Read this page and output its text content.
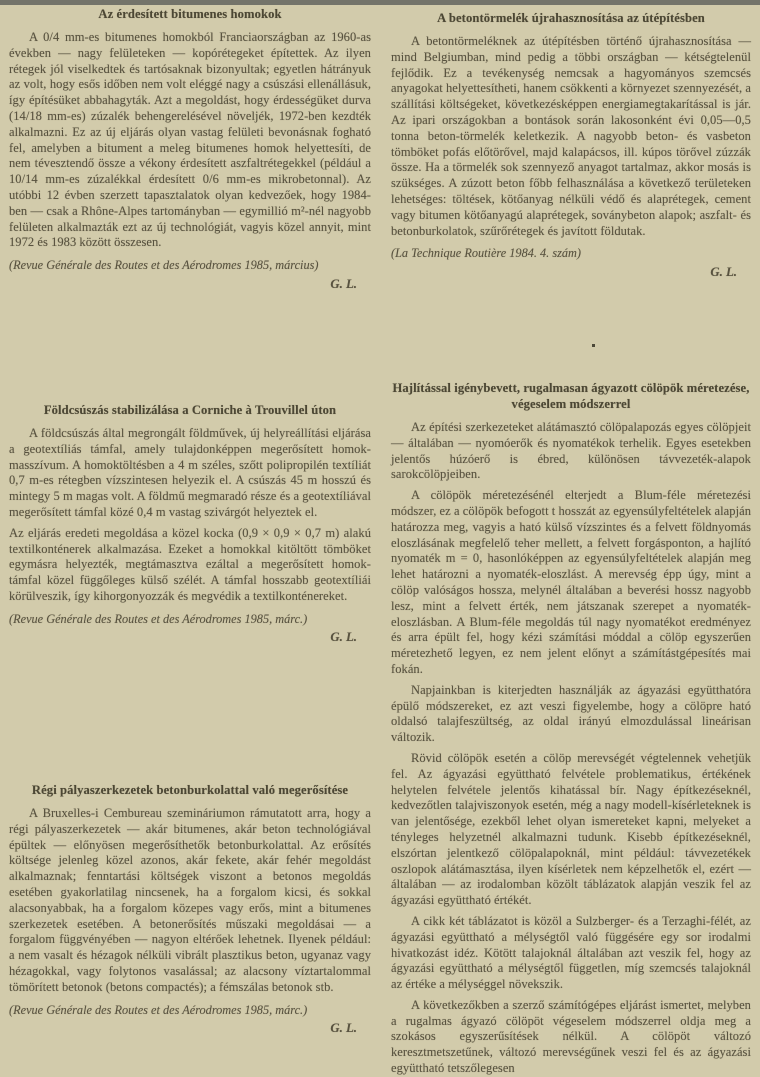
Az érdesített bitumenes homokok

A 0/4 mm-es bitumenes homokból Franciaországban az 1960-as években — nagy felületeken — kopórétegeket építettek. Az ilyen rétegek jól viselkedtek és tartósaknak bizonyultak; egyetlen hátrányuk az volt, hogy esős időben nem volt eléggé nagy a csúszási ellenállásuk, így építésüket abbahagyták. Azt a megoldást, hogy érdességüket durva (14/18 mm-es) zúzalék behengerelésével növeljék, 1972-ben kezdték alkalmazni. Ez az új eljárás olyan vastag felületi bevonásnak fogható fel, amelyben a bitument a meleg bitumenes homok helyettesíti, de nem tévesztendő össze a vékony érdesített aszfaltrétegekkel (például a 10/14 mm-es zúzalékkal érdesített 0/6 mm-es mikrobetonnal). Az utóbbi 12 évben szerzett tapasztalatok olyan kedvezőek, hogy 1984-ben — csak a Rhône-Alpes tartományban — egymillió m²-nél nagyobb felületen alkalmazták ezt az új technológiát, vagyis közel annyit, mint 1972 és 1983 között összesen.

(Revue Générale des Routes et des Aérodromes 1985, március)

G. L.

Földcsúszás stabilizálása a Corniche à Trouvillel úton

A földcsúszás által megrongált földművek, új helyreállítási eljárása a geotextíliás támfal, amely tulajdonképpen megerősített homok-masszívum. A homoktöltésben a 4 m széles, szőtt polipropilén textíliát 0,7 m-es rétegben vízszintesen helyezik el. A csúszás 45 m hosszú és mintegy 5 m magas volt. A földmű megmaradó része és a geotextíliával megerősített támfal közé 0,4 m vastag szivárgót helyeztek el.

Az eljárás eredeti megoldása a közel kocka (0,9 × 0,9 × 0,7 m) alakú textilkonténerek alkalmazása. Ezeket a homokkal kitöltött tömböket egymásra helyezték, megtámasztva ezáltal a megerősített homok-támfal közel függőleges külső szélét. A támfal hosszabb geotextíliái körülveszik, így kihorgonyozzák és megvédik a textilkonténereket.

(Revue Générale des Routes et des Aérodromes 1985, márc.)

G. L.

Régi pályaszerkezetek betonburkolattal való megerősítése

A Bruxelles-i Cembureau szemináriumon rámutatott arra, hogy a régi pályaszerkezetek — akár bitumenes, akár beton technológiával épültek — előnyösen megerősíthetők betonburkolattal. Az erősítés költsége jelenleg közel azonos, akár fekete, akár fehér megoldást alkalmaznak; fenntartási költségek viszont a betonos megoldás esetében gyakorlatilag nincsenek, ha a forgalom kicsi, és sokkal alacsonyabbak, ha a forgalom közepes vagy erős, mint a bitumenes szerkezetek esetében. A betonerősítés műszaki megoldásai — a forgalom függvényében — nagyon eltérőek lehetnek. Ilyenek például: a nem vasalt és hézagok nélküli vibrált plasztikus beton, ugyanaz vagy hézagokkal, vagy folytonos vasalással; az alacsony víztartalommal tömörített betonok (betons compactés); a fémszálas betonok stb.

(Revue Générale des Routes et des Aérodromes 1985, márc.)

G. L.

A betontörmelék újrahasznosítása az útépítésben

A betontörmeléknek az útépítésben történő újrahasznosítása — mind Belgiumban, mind pedig a többi országban — kétségtelenül fejlődik. Ez a tevékenység nemcsak a hagyományos szemcsés anyagokat helyettesítheti, hanem csökkenti a környezet szennyezését, a szállítási költségeket, következésképpen energiamegtakarítással is jár. Az ipari országokban a bontások során lakosonként évi 0,05—0,5 tonna beton-törmelék keletkezik. A nagyobb beton- és vasbeton tömböket pofás előtörővel, majd kalapácsos, ill. kúpos törővel zúzzák össze. Ha a törmelék sok szennyező anyagot tartalmaz, akkor mosás is szükséges. A zúzott beton főbb felhasználása a következő területeken lehetséges: töltések, kötőanyag nélküli védő és alaprétegek, cement vagy bitumen kötőanyagú alaprétegek, soványbeton alapok; aszfalt- és betonburkolatok, szűrőrétegek és javított földutak.

(La Technique Routière 1984. 4. szám)

G. L.

Hajlítással igénybevett, rugalmasan ágyazott cölöpök méretezése, végeselem módszerrel

Az építési szerkezeteket alátámasztó cölöpalapozás egyes cölöpjeit — általában — nyomóerők és nyomatékok terhelik. Egyes esetekben jelentős húzóerő is ébred, különösen távvezeték-alapok sarokcölöpjeiben.

A cölöpök méretezésénél elterjedt a Blum-féle méretezési módszer, ez a cölöpök befogott t hosszát az egyensúlyfeltételek alapján határozza meg, vagyis a ható külső vízszintes és a felvett földnyomás eloszlásának megfelelő teher mellett, a felvett forgásponton, a hajlító nyomaték m = 0, hasonlóképpen az egyensúlyfeltételek alapján meg lehet határozni a nyomaték-eloszlást. A merevség épp úgy, mint a cölöp valóságos hossza, melynél általában a beverési hossz nagyobb lesz, mint a felvett érték, nem játszanak szerepet a nyomaték-eloszlásban. A Blum-féle megoldás túl nagy nyomatékot eredményez és arra épült fel, hogy kézi számítási móddal a cölöp egyszerűen méretezhető legyen, ez nem jelent előnyt a számítástgépesítés mai fokán.

Napjainkban is kiterjedten használják az ágyazási együtthatóra épülő módszereket, ez azt veszi figyelembe, hogy a cölöpre ható oldalsó talajfeszültség, az oldal irányú elmozdulással lineárisan változik.

Rövid cölöpök esetén a cölöp merevségét végtelennek vehetjük fel. Az ágyazási együttható felvétele problematikus, értékének helytelen felvétele jelentős kihatással bír. Nagy építkezéseknél, kedvezőtlen talajviszonyok esetén, még a nagy modell-kísérleteknek is van jelentősége, ezekből lehet olyan ismereteket kapni, melyeket a tényleges helyzetnél alkalmazni tudunk. Kisebb építkezéseknél, elszórtan jelentkező cölöpalapoknál, mint például: távvezetékek oszlopok alátámasztása, ilyen kísérletek nem képzelhetők el, ezért — általában — az irodalomban közölt táblázatok alapján veszik fel az ágyazási együttható értékét.

A cikk két táblázatot is közöl a Sulzberger- és a Terzaghi-félét, az ágyazási együttható a mélységtől való függésére egy sor irodalmi hivatkozást idéz. Kötött talajoknál általában azt veszik fel, hogy az ágyazási együttható a mélységtől független, míg szemcsés talajoknál az értéke a mélységgel növekszik.

A következőkben a szerző számítógépes eljárást ismertet, melyben a rugalmas ágyazó cölöpöt végeselem módszerrel oldja meg a szokásos egyszerűsítések nélkül. A cölöpöt változó keresztmetszetűnek, változó merevségűnek veszi fel és az ágyazási együttható tetszőlegesen
